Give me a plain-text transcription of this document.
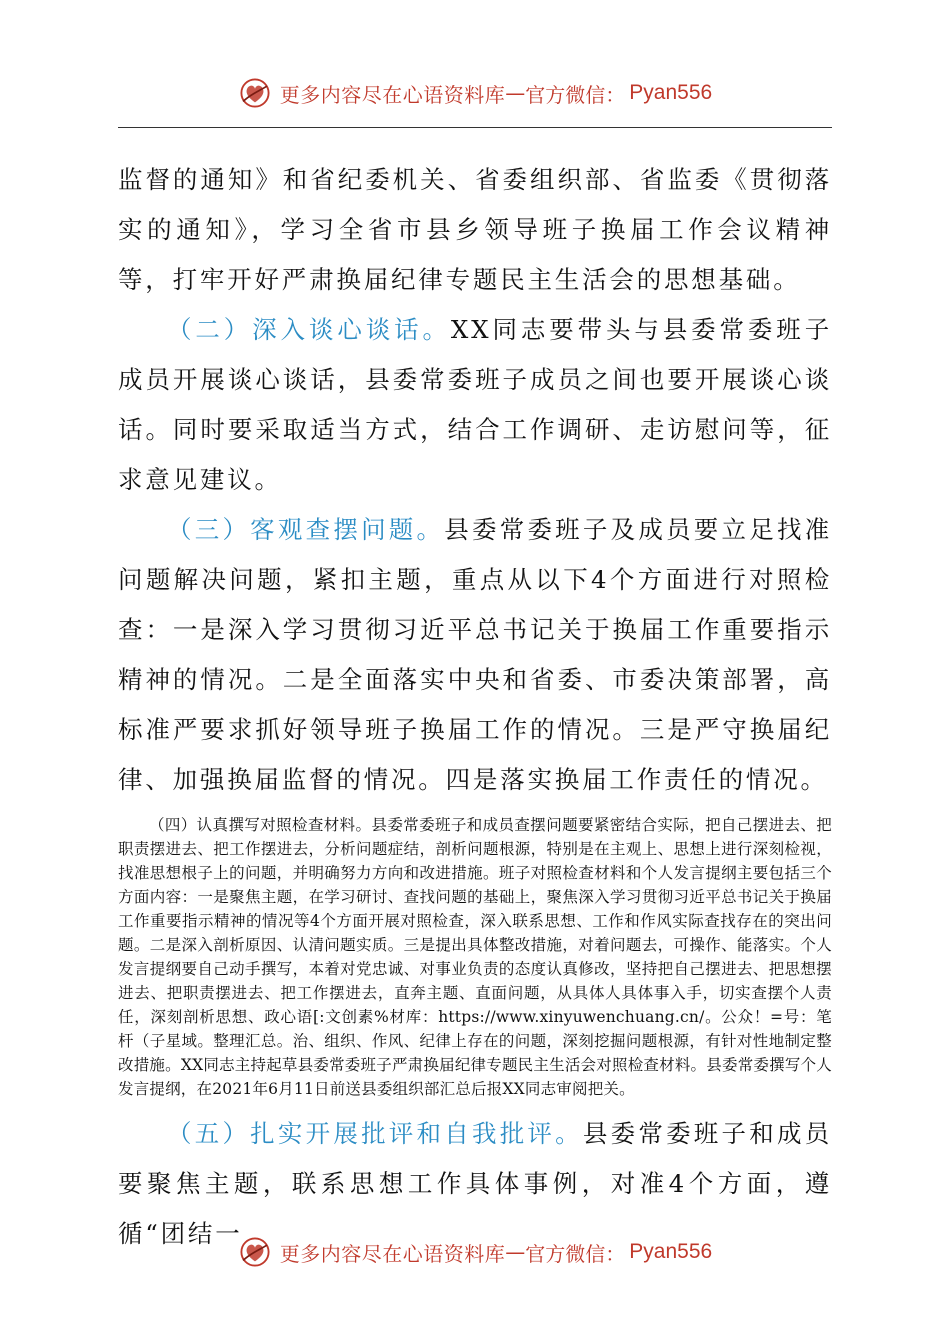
更多内容尽在心语资料库 — 官方微信： Pyan556

监督的通知》和省纪委机关、省委组织部、省监委《贯彻落实的通知》，学习全省市县乡领导班子换届工作会议精神等，打牢开好严肃换届纪律专题民主生活会的思想基础。

（二）深入谈心谈话。XX同志要带头与县委常委班子成员开展谈心谈话，县委常委班子成员之间也要开展谈心谈话。同时要采取适当方式，结合工作调研、走访慰问等，征求意见建议。

（三）客观查摆问题。县委常委班子及成员要立足找准问题解决问题，紧扣主题，重点从以下4个方面进行对照检查：一是深入学习贯彻习近平总书记关于换届工作重要指示精神的情况。二是全面落实中央和省委、市委决策部署，高标准严要求抓好领导班子换届工作的情况。三是严守换届纪律、加强换届监督的情况。四是落实换届工作责任的情况。

（四）认真撰写对照检查材料。县委常委班子和成员查摆问题要紧密结合实际，把自己摆进去、把职责摆进去、把工作摆进去，分析问题症结，剖析问题根源，特别是在主观上、思想上进行深刻检视，找准思想根子上的问题，并明确努力方向和改进措施。班子对照检查材料和个人发言提纲主要包括三个方面内容：一是聚焦主题，在学习研讨、查找问题的基础上，聚焦深入学习贯彻习近平总书记关于换届工作重要指示精神的情况等4个方面开展对照检查，深入联系思想、工作和作风实际查找存在的突出问题。二是深入剖析原因、认清问题实质。三是提出具体整改措施，对着问题去，可操作、能落实。个人发言提纲要自己动手撰写，本着对党忠诚、对事业负责的态度认真修改，坚持把自己摆进去、把思想摆进去、把职责摆进去、把工作摆进去，直奔主题、直面问题，从具体人具体事入手，切实查摆个人责任，深刻剖析思想、政心语[:文创素%材库：https://www.xinyuwenchuang.cn/。公众！=号：笔杆（子星域。整理汇总。治、组织、作风、纪律上存在的问题，深刻挖掘问题根源，有针对性地制定整改措施。XX同志主持起草县委常委班子严肃换届纪律专题民主生活会对照检查材料。县委常委撰写个人发言提纲，在2021年6月11日前送县委组织部汇总后报XX同志审阅把关。

（五）扎实开展批评和自我批评。县委常委班子和成员要聚焦主题，联系思想工作具体事例，对准4个方面，遵循“团结一

更多内容尽在心语资料库 — 官方微信： Pyan556
